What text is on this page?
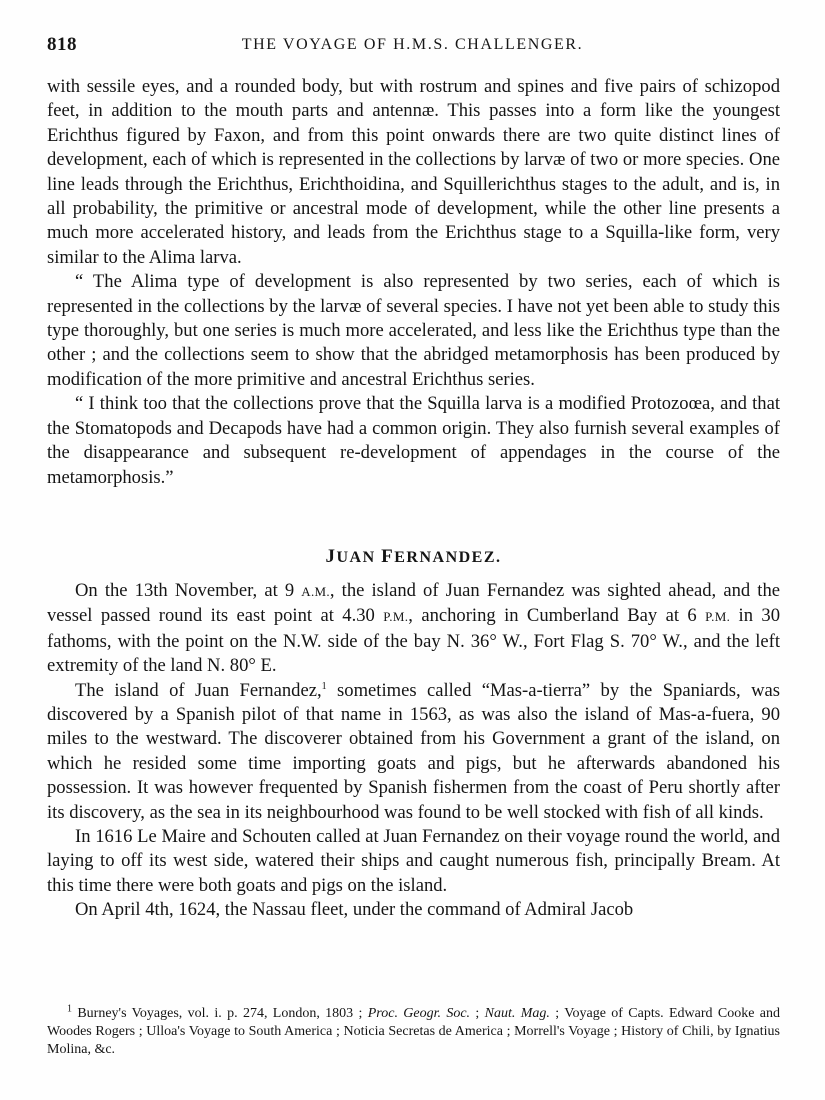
818	THE VOYAGE OF H.M.S. CHALLENGER.

with sessile eyes, and a rounded body, but with rostrum and spines and five pairs of schizopod feet, in addition to the mouth parts and antennæ. This passes into a form like the youngest Erichthus figured by Faxon, and from this point onwards there are two quite distinct lines of development, each of which is represented in the collections by larvæ of two or more species. One line leads through the Erichthus, Erichthoidina, and Squillerichthus stages to the adult, and is, in all probability, the primitive or ancestral mode of development, while the other line presents a much more accelerated history, and leads from the Erichthus stage to a Squilla-like form, very similar to the Alima larva.

“ The Alima type of development is also represented by two series, each of which is represented in the collections by the larvæ of several species. I have not yet been able to study this type thoroughly, but one series is much more accelerated, and less like the Erichthus type than the other ; and the collections seem to show that the abridged metamorphosis has been produced by modification of the more primitive and ancestral Erichthus series.

“ I think too that the collections prove that the Squilla larva is a modified Protozoœa, and that the Stomatopods and Decapods have had a common origin. They also furnish several examples of the disappearance and subsequent re-development of appendages in the course of the metamorphosis.”

JUAN FERNANDEZ.

On the 13th November, at 9 A.M., the island of Juan Fernandez was sighted ahead, and the vessel passed round its east point at 4.30 P.M., anchoring in Cumberland Bay at 6 P.M. in 30 fathoms, with the point on the N.W. side of the bay N. 36° W., Fort Flag S. 70° W., and the left extremity of the land N. 80° E.

The island of Juan Fernandez,$^1$ sometimes called “Mas-a-tierra” by the Spaniards, was discovered by a Spanish pilot of that name in 1563, as was also the island of Mas-a-fuera, 90 miles to the westward. The discoverer obtained from his Government a grant of the island, on which he resided some time importing goats and pigs, but he afterwards abandoned his possession. It was however frequented by Spanish fishermen from the coast of Peru shortly after its discovery, as the sea in its neighbourhood was found to be well stocked with fish of all kinds.

In 1616 Le Maire and Schouten called at Juan Fernandez on their voyage round the world, and laying to off its west side, watered their ships and caught numerous fish, principally Bream. At this time there were both goats and pigs on the island.

On April 4th, 1624, the Nassau fleet, under the command of Admiral Jacob

$^1$ Burney's Voyages, vol. i. p. 274, London, 1803 ; Proc. Geogr. Soc. ; Naut. Mag. ; Voyage of Capts. Edward Cooke and Woodes Rogers ; Ulloa's Voyage to South America ; Noticia Secretas de America ; Morrell's Voyage ; History of Chili, by Ignatius Molina, &c.
